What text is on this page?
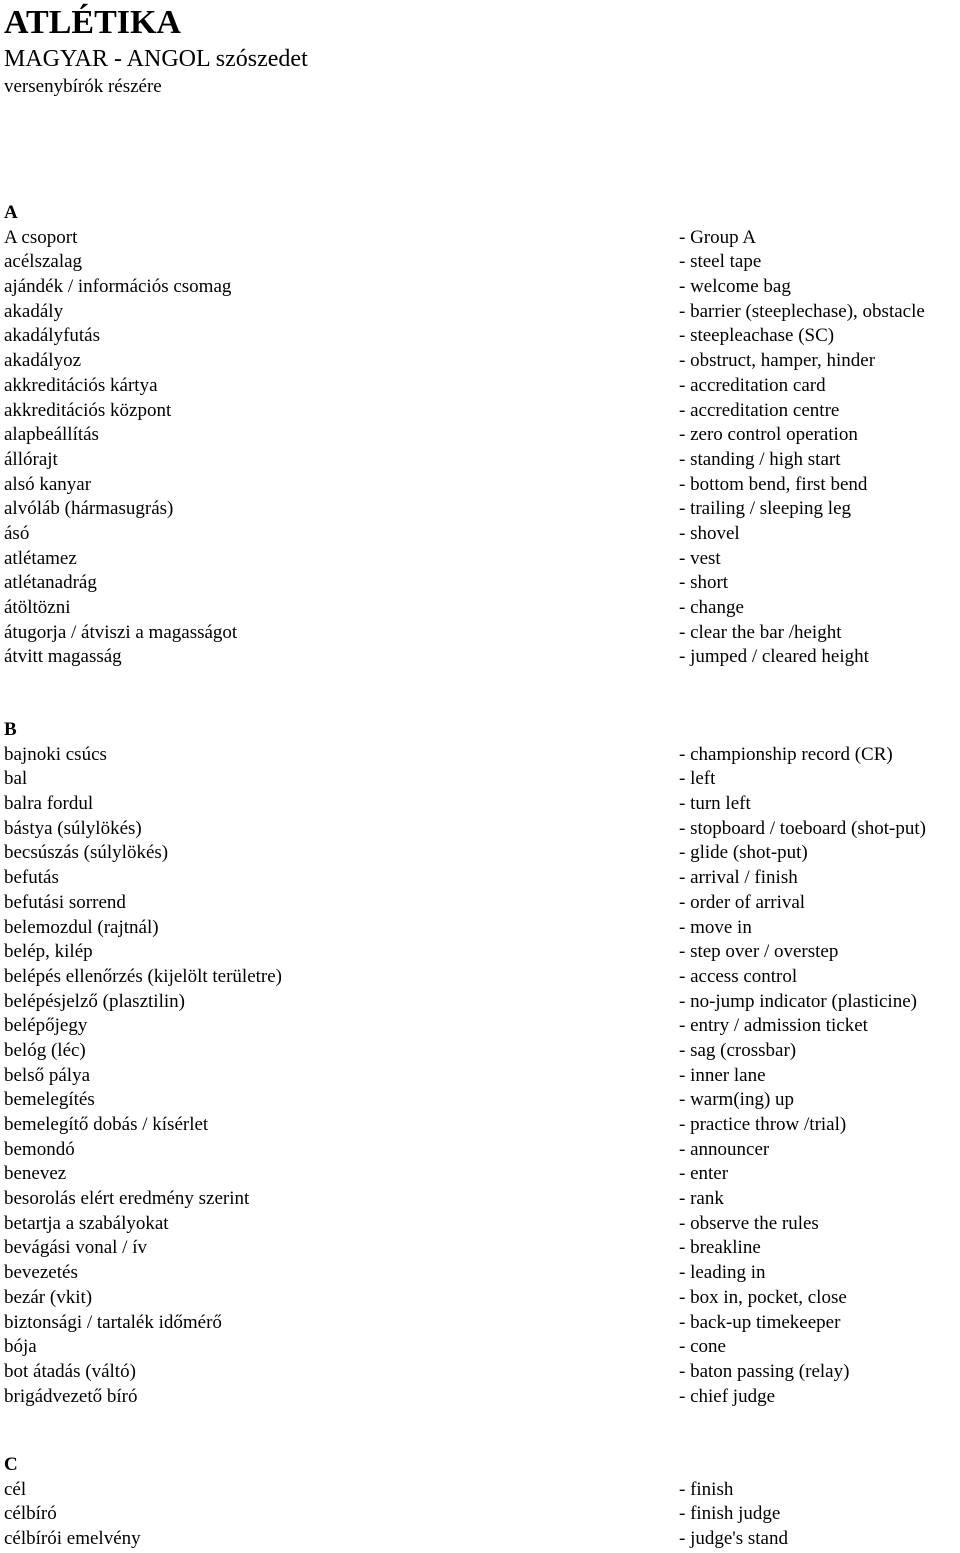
ATLÉTIKA
MAGYAR - ANGOL szószedet
versenybírók részére
A
A csoport	- Group A
acélszalag	- steel tape
ajándék / információs csomag	- welcome bag
akadály	- barrier (steeplechase), obstacle
akadályfutás	- steepleachase (SC)
akadályoz	- obstruct, hamper, hinder
akkreditációs kártya	- accreditation card
akkreditációs központ	- accreditation centre
alapbeállítás	- zero control operation
állórajt	- standing / high start
alsó kanyar	- bottom bend, first bend
alvóláb (hármasugrás)	- trailing / sleeping leg
ásó	- shovel
atlétamez	- vest
atlétanadrág	- short
átöltözni	- change
átugorja / átviszi a magasságot	- clear the bar /height
átvitt magasság	- jumped / cleared height
B
bajnoki csúcs	- championship record (CR)
bal	- left
balra fordul	- turn left
bástya (súlylökés)	- stopboard / toeboard (shot-put)
becsúszás (súlylökés)	- glide (shot-put)
befutás	- arrival / finish
befutási sorrend	- order of arrival
belemozdul (rajtnál)	- move in
belép, kilép	- step over / overstep
belépés ellenőrzés (kijelölt területre)	- access control
belépésjelző (plasztilin)	- no-jump indicator (plasticine)
belépőjegy	- entry / admission ticket
belóg (léc)	- sag (crossbar)
belső pálya	- inner lane
bemelegítés	- warm(ing) up
bemelegítő dobás / kísérlet	- practice throw /trial)
bemondó	- announcer
benevez	- enter
besorolás elért eredmény szerint	- rank
betartja a szabályokat	- observe the rules
bevágási vonal / ív	- breakline
bevezetés	- leading in
bezár (vkit)	- box in, pocket, close
biztonsági / tartalék időmérő	- back-up timekeeper
bója	- cone
bot átadás (váltó)	- baton passing (relay)
brigádvezető bíró	- chief judge
C
cél	- finish
célbíró	- finish judge
célbírói emelvény	- judge's stand
